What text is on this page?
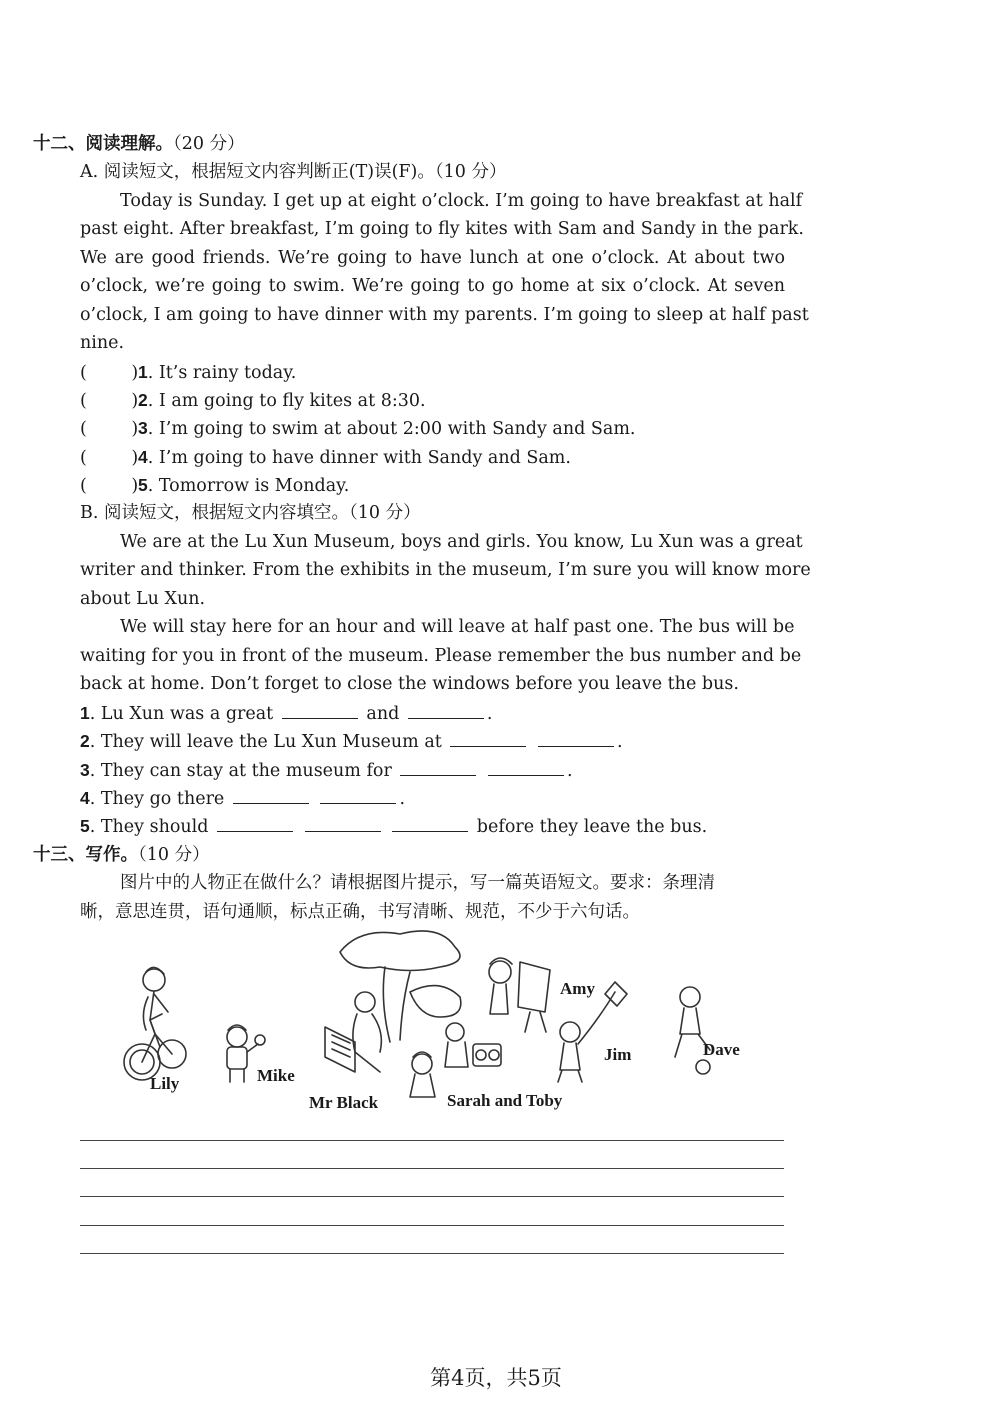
十二、阅读理解。（20 分）
A. 阅读短文，根据短文内容判断正(T)误(F)。（10 分）
Today is Sunday. I get up at eight o’clock. I’m going to have breakfast at half
past eight. After breakfast, I’m going to fly kites with Sam and Sandy in the park.
We are good friends. We’re going to have lunch at one o’clock. At about two
o’clock, we’re going to swim. We’re going to go home at six o’clock. At seven
o’clock, I am going to have dinner with my parents. I’m going to sleep at half past
nine.
(        )1. It’s rainy today.
(        )2. I am going to fly kites at 8:30.
(        )3. I’m going to swim at about 2:00 with Sandy and Sam.
(        )4. I’m going to have dinner with Sandy and Sam.
(        )5. Tomorrow is Monday.
B. 阅读短文，根据短文内容填空。（10 分）
We are at the Lu Xun Museum, boys and girls. You know, Lu Xun was a great
writer and thinker. From the exhibits in the museum, I’m sure you will know more
about Lu Xun.
We will stay here for an hour and will leave at half past one. The bus will be
waiting for you in front of the museum. Please remember the bus number and be
back at home. Don’t forget to close the windows before you leave the bus.
1. Lu Xun was a great	and	.
2. They will leave the Lu Xun Museum at	.
3. They can stay at the museum for	.
4. They go there	.
5. They should	before they leave the bus.
十三、写作。（10 分）
图片中的人物正在做什么？请根据图片提示，写一篇英语短文。要求：条理清
晰，意思连贯，语句通顺，标点正确，书写清晰、规范，不少于六句话。
Lily	Mike
Mr Black	Sarah and Toby
Amy
Jim	Dave
第4页，共5页
